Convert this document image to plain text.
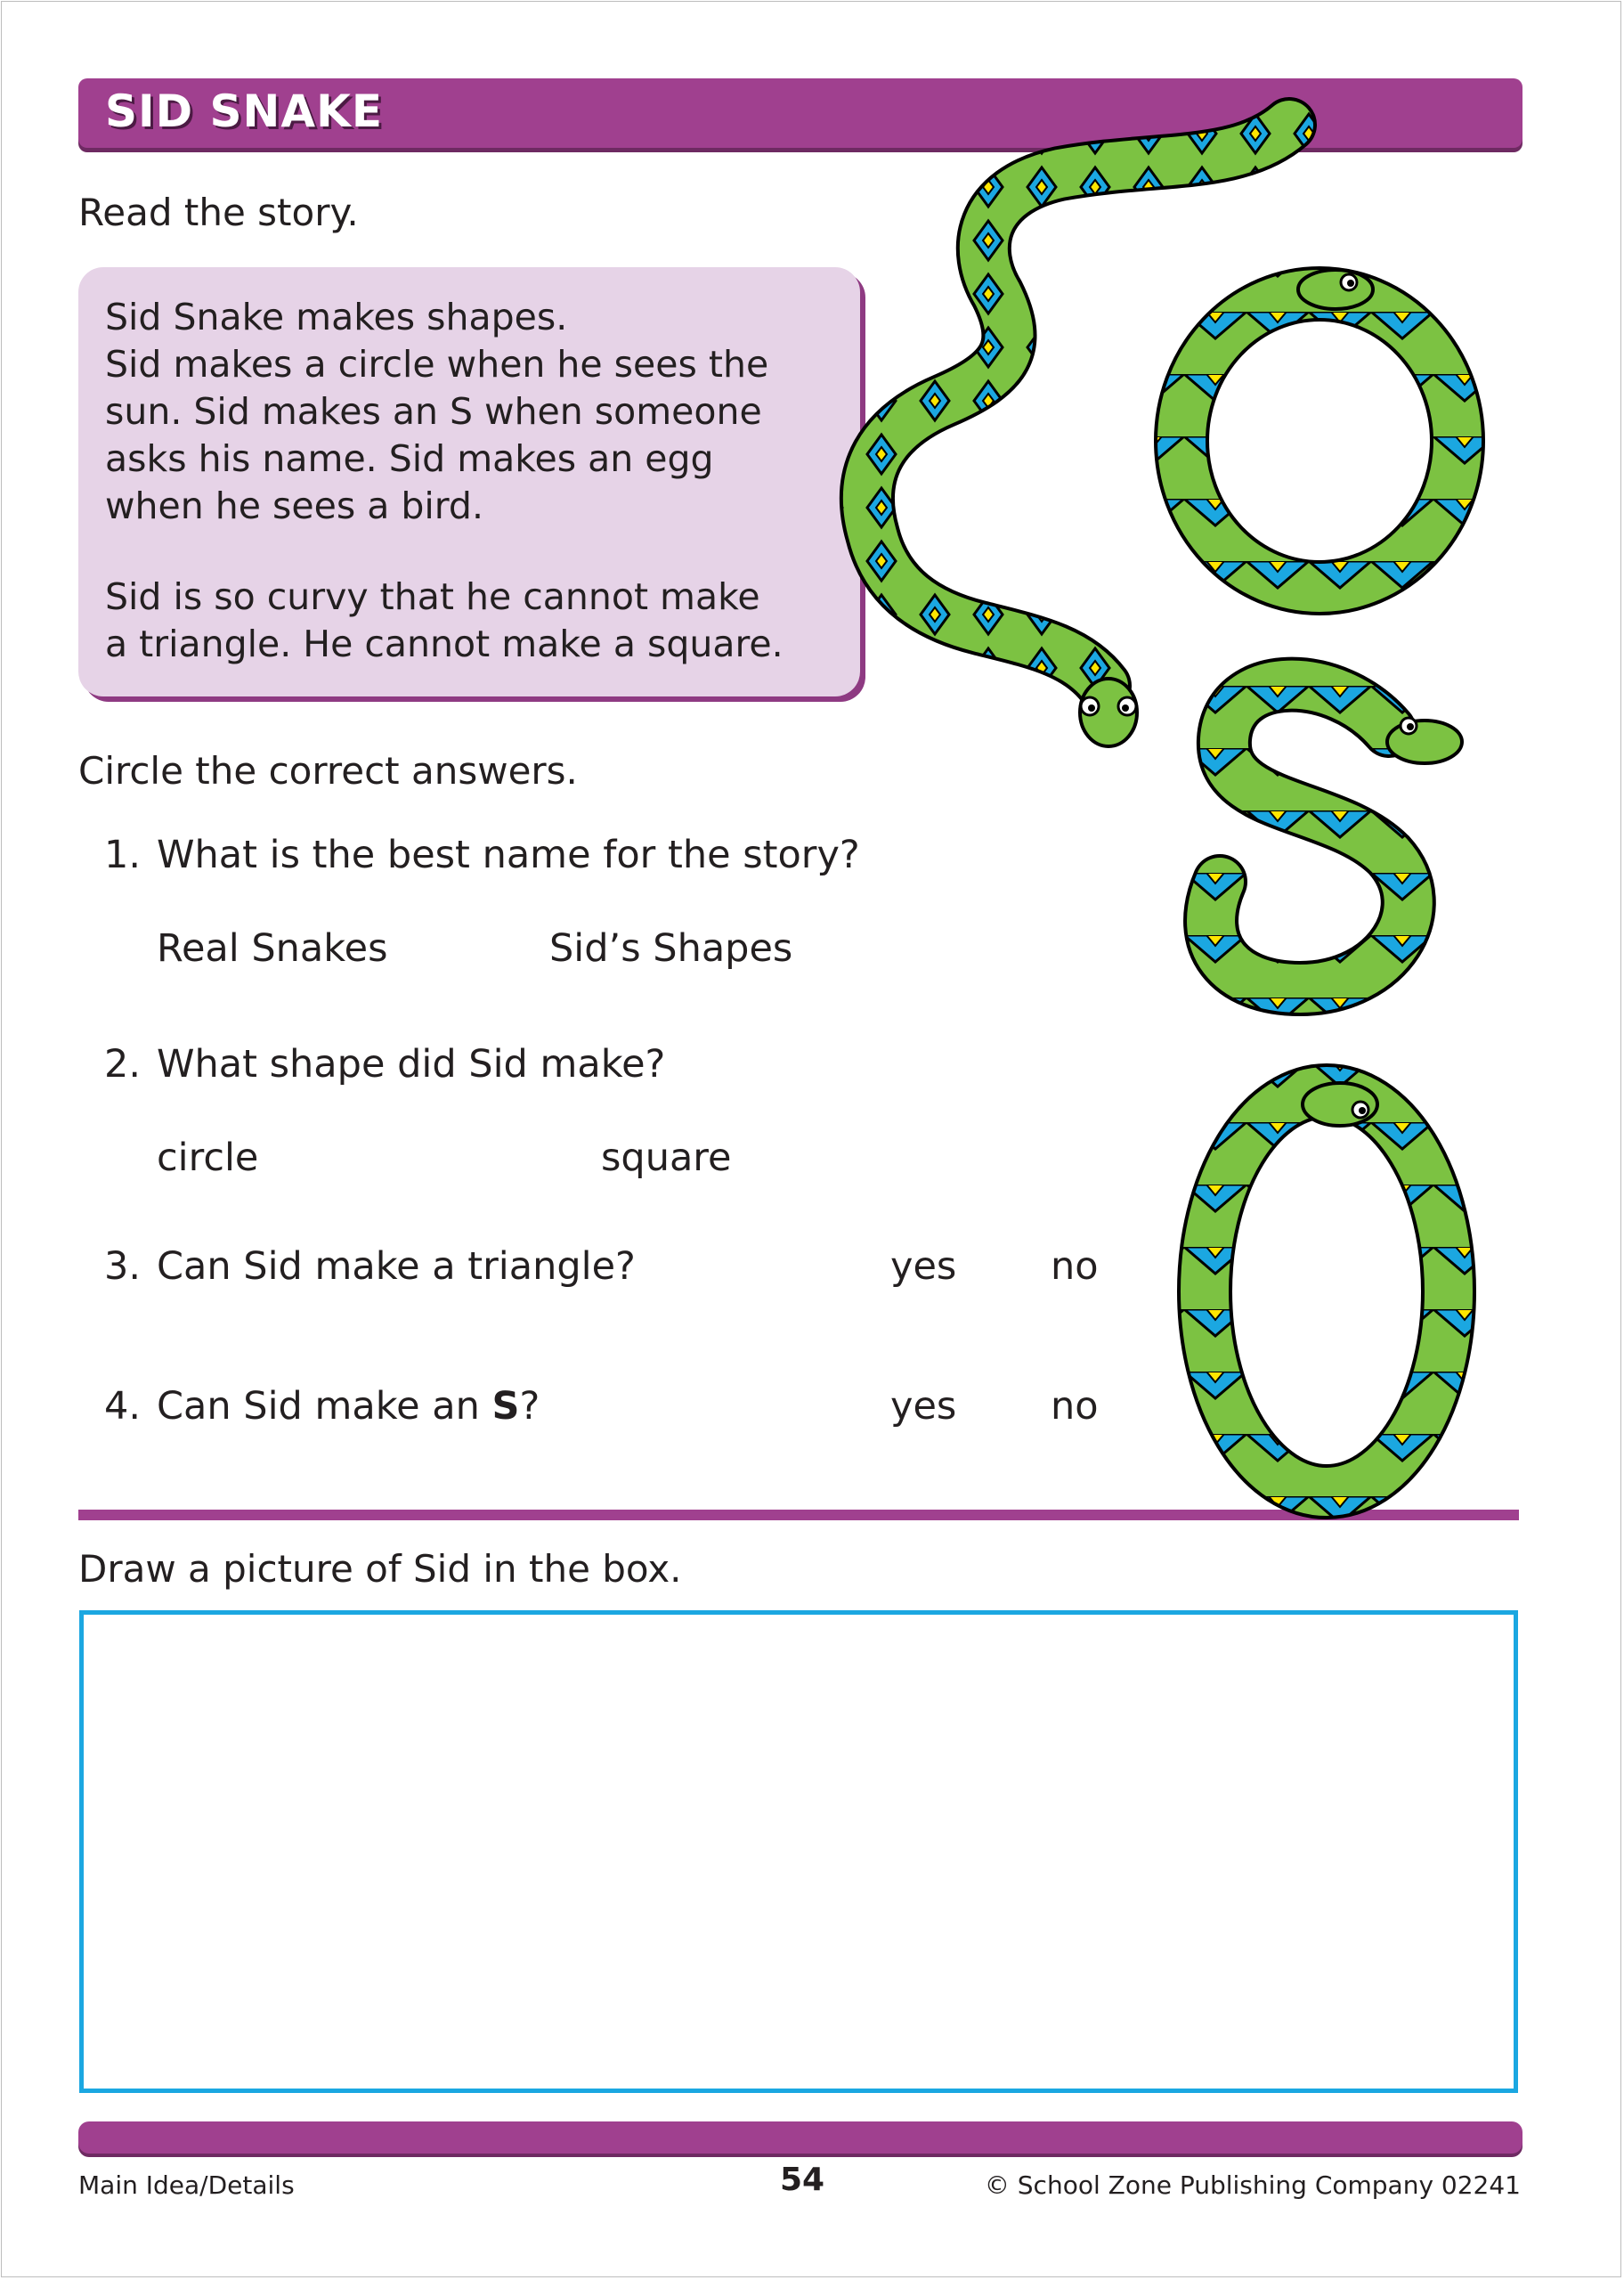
SID SNAKE
Read the story.
Sid Snake makes shapes.
Sid makes a circle when he sees the
sun. Sid makes an S when someone
asks his name. Sid makes an egg
when he sees a bird.
Sid is so curvy that he cannot make
a triangle. He cannot make a square.
Circle the correct answers.
1. What is the best name for the story?
Real Snakes	Sid’s Shapes
2. What shape did Sid make?
circle	square
3. Can Sid make a triangle?	yes no
4. Can Sid make an S?	yes no
Draw a picture of Sid in the box.
Main Idea/Details	54	© School Zone Publishing Company 02241
